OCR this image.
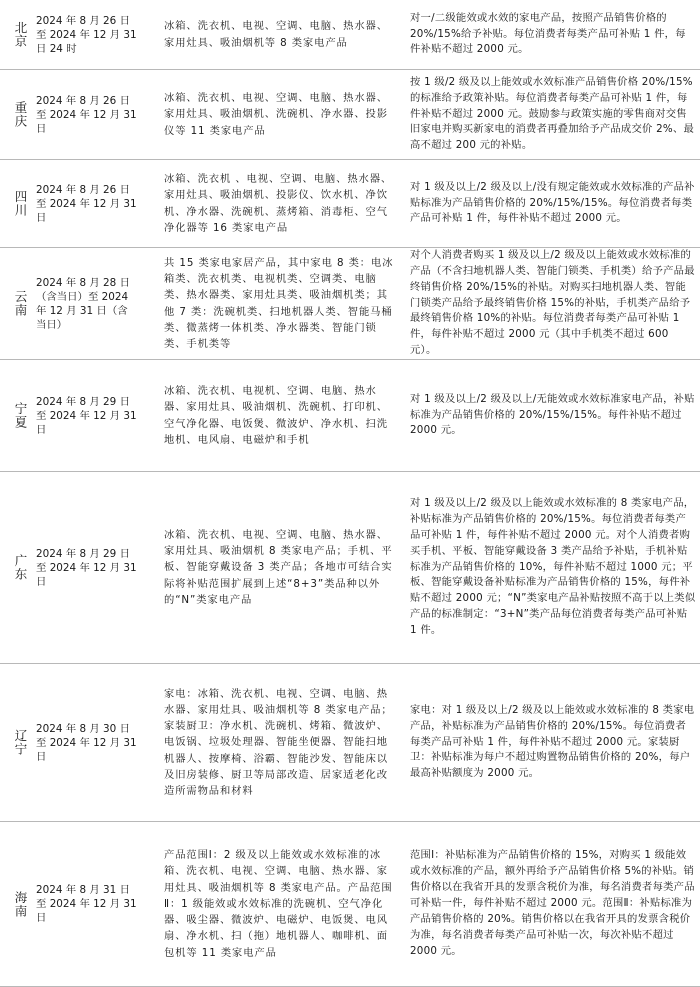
北京
2024 年 8 月 26 日
至 2024 年 12 月 31
日 24 时
冰箱、洗衣机、电视、空调、电脑、热水器、家用灶具、吸油烟机等 8 类家电产品
对一/二级能效或水效的家电产品，按照产品销售价格的 20%/15%给予补贴。每位消费者每类产品可补贴 1 件，每件补贴不超过 2000 元。
重庆
2024 年 8 月 26 日
至 2024 年 12 月 31
日
冰箱、洗衣机、电视、空调、电脑、热水器、家用灶具、吸油烟机、洗碗机、净水器、投影仪等 11 类家电产品
按 1 级/2 级及以上能效或水效标准产品销售价格 20%/15%的标准给予政策补贴。每位消费者每类产品可补贴 1 件，每件补贴不超过 2000 元。鼓励参与政策实施的零售商对交售旧家电并购买新家电的消费者再叠加给予产品成交价 2%、最高不超过 200 元的补贴。
四川
2024 年 8 月 26 日
至 2024 年 12 月 31
日
冰箱、洗衣机 、电视、空调、电脑、热水器、家用灶具、吸油烟机、投影仪、饮水机、净饮机、净水器、洗碗机、蒸烤箱、消毒柜、空气净化器等 16 类家电产品
对 1 级及以上/2 级及以上/没有规定能效或水效标准的产品补贴标准为产品销售价格的 20%/15%/15%。每位消费者每类产品可补贴 1 件，每件补贴不超过 2000 元。
云南
2024 年 8 月 28 日
（含当日）至 2024
年 12 月 31 日（含
当日）
共 15 类家电家居产品，其中家电 8 类：电冰箱类、洗衣机类、电视机类、空调类、电脑类、热水器类、家用灶具类、吸油烟机类；其他 7 类：洗碗机类、扫地机器人类、智能马桶类、微蒸烤一体机类、净水器类、智能门锁类、手机类等
对个人消费者购买 1 级及以上/2 级及以上能效或水效标准的产品（不含扫地机器人类、智能门锁类、手机类）给予产品最终销售价格 20%/15%的补贴。对购买扫地机器人类、智能门锁类产品给予最终销售价格 15%的补贴，手机类产品给予最终销售价格 10%的补贴。每位消费者每类产品可补贴 1 件，每件补贴不超过 2000 元（其中手机类不超过 600 元）。
宁夏
2024 年 8 月 29 日
至 2024 年 12 月 31
日
冰箱、洗衣机、电视机、空调、电脑、热水器、家用灶具、吸油烟机、洗碗机、打印机、空气净化器、电饭煲、微波炉、净水机、扫洗地机、电风扇、电磁炉和手机
对 1 级及以上/2 级及以上/无能效或水效标准家电产品，补贴标准为产品销售价格的 20%/15%/15%。每件补贴不超过 2000 元。
广东
2024 年 8 月 29 日
至 2024 年 12 月 31
日
冰箱、洗衣机、电视、空调、电脑、热水器、家用灶具、吸油烟机 8 类家电产品；手机、平板、智能穿戴设备 3 类产品；各地市可结合实际将补贴范围扩展到上述“8+3”类品种以外的“N”类家电产品
对 1 级及以上/2 级及以上能效或水效标准的 8 类家电产品，补贴标准为产品销售价格的 20%/15%。每位消费者每类产品可补贴 1 件，每件补贴不超过 2000 元。对个人消费者购买手机、平板、智能穿戴设备 3 类产品给予补贴，手机补贴标准为产品销售价格的 10%，每件补贴不超过 1000 元；平板、智能穿戴设备补贴标准为产品销售价格的 15%，每件补贴不超过 2000 元；“N”类家电产品补贴按照不高于以上类似产品的标准制定：“3+N”类产品每位消费者每类产品可补贴 1 件。
辽宁
2024 年 8 月 30 日
至 2024 年 12 月 31
日
家电：冰箱、洗衣机、电视、空调、电脑、热水器、家用灶具、吸油烟机等 8 类家电产品；家装厨卫：净水机、洗碗机、烤箱、微波炉、电饭锅、垃圾处理器、智能坐便器、智能扫地机器人、按摩椅、浴霸、智能沙发、智能床以及旧房装修、厨卫等局部改造、居家适老化改造所需物品和材料
家电：对 1 级及以上/2 级及以上能效或水效标准的 8 类家电产品，补贴标准为产品销售价格的 20%/15%。每位消费者每类产品可补贴 1 件，每件补贴不超过 2000 元。家装厨卫：补贴标准为每户不超过购置物品销售价格的 20%，每户最高补贴额度为 2000 元。
海南
2024 年 8 月 31 日
至 2024 年 12 月 31
日
产品范围Ⅰ：2 级及以上能效或水效标准的冰箱、洗衣机、电视、空调、电脑、热水器、家用灶具、吸油烟机等 8 类家电产品。产品范围Ⅱ：1 级能效或水效标准的洗碗机、空气净化器、吸尘器、微波炉、电磁炉、电饭煲、电风扇、净水机、扫（拖）地机器人、咖啡机、面包机等 11 类家电产品
范围Ⅰ：补贴标准为产品销售价格的 15%，对购买 1 级能效或水效标准的产品，额外再给予产品销售价格 5%的补贴。销售价格以在我省开具的发票含税价为准，每名消费者每类产品可补贴一件，每件补贴不超过 2000 元。范围Ⅱ：补贴标准为产品销售价格的 20%。销售价格以在我省开具的发票含税价为准，每名消费者每类产品可补贴一次，每次补贴不超过 2000 元。
